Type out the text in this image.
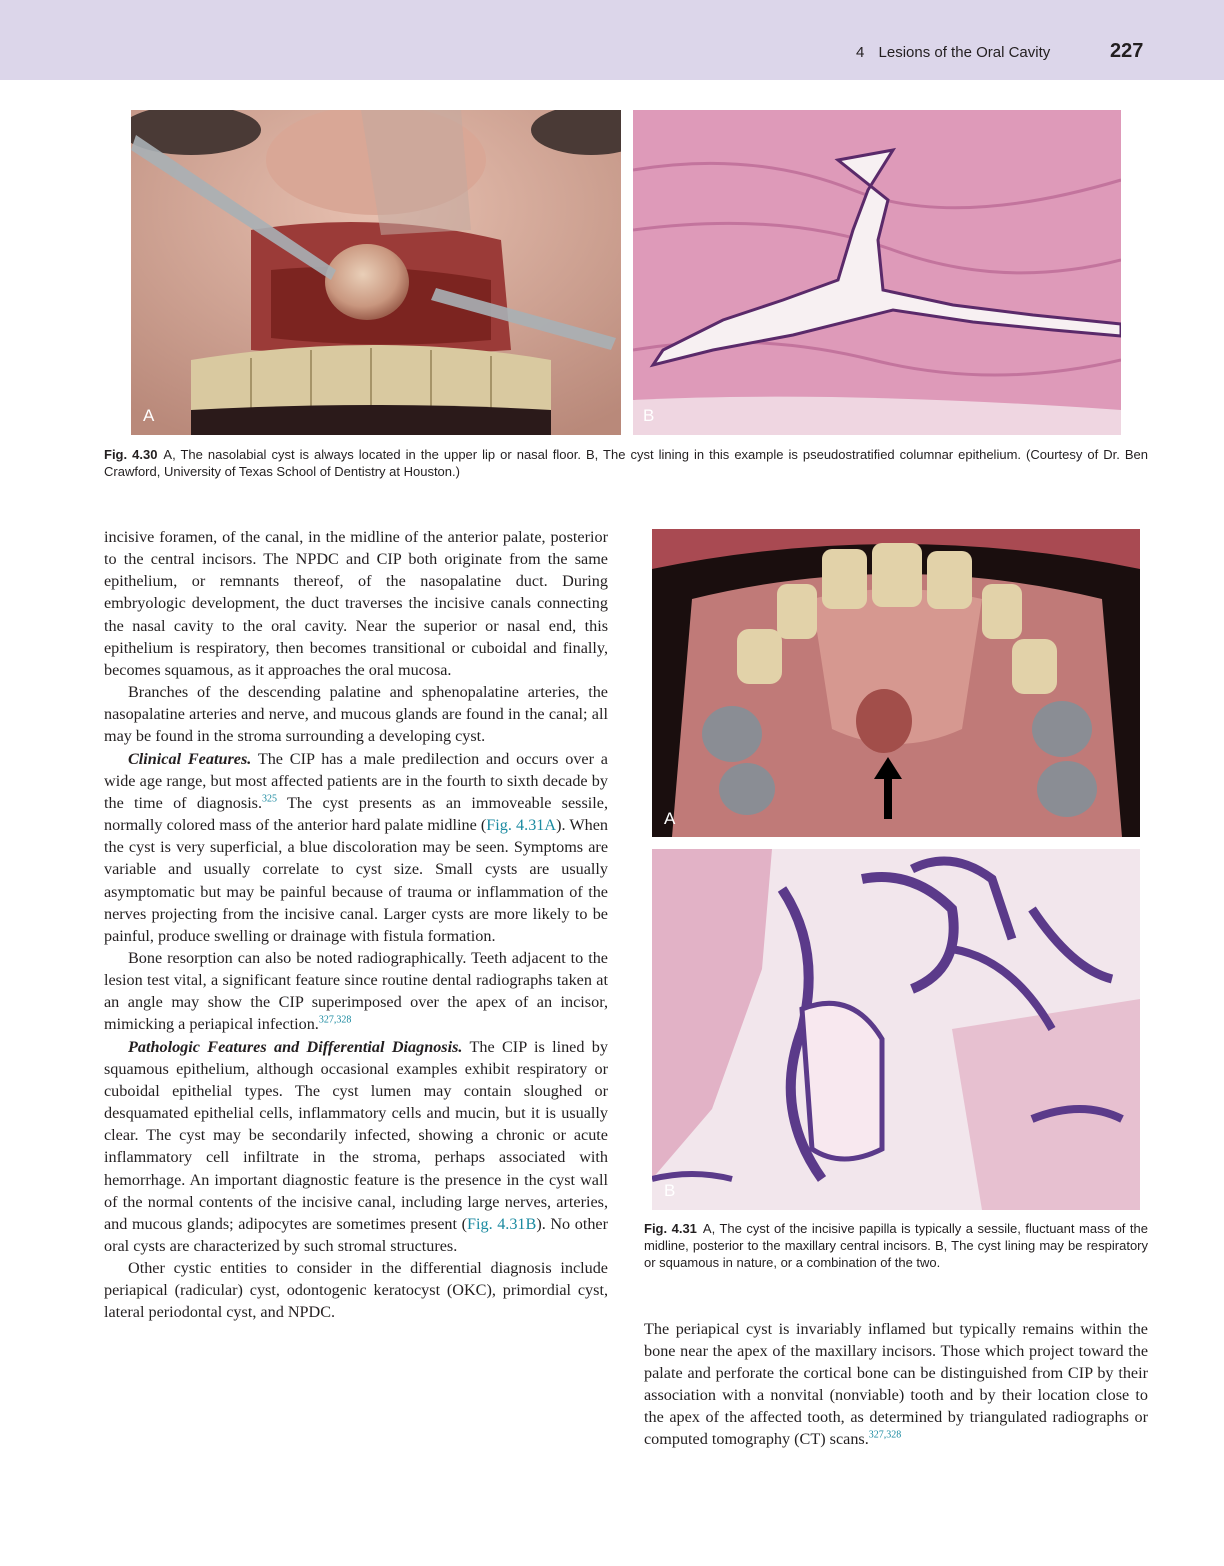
4 Lesions of the Oral Cavity	227
A	B
Fig. 4.30 A, The nasolabial cyst is always located in the upper lip or nasal floor. B, The cyst lining in this example is pseudostratified columnar epithelium. (Courtesy of Dr. Ben Crawford, University of Texas School of Dentistry at Houston.)

incisive foramen, of the canal, in the midline of the anterior palate, posterior to the central incisors. The NPDC and CIP both originate from the same epithelium, or remnants thereof, of the nasopalatine duct. During embryologic development, the duct traverses the incisive canals connecting the nasal cavity to the oral cavity. Near the superior or nasal end, this epithelium is respiratory, then becomes transitional or cuboidal and finally, becomes squamous, as it approaches the oral mucosa.

Branches of the descending palatine and sphenopalatine arteries, the nasopalatine arteries and nerve, and mucous glands are found in the canal; all may be found in the stroma surrounding a developing cyst.

Clinical Features. The CIP has a male predilection and occurs over a wide age range, but most affected patients are in the fourth to sixth decade by the time of diagnosis.$^{325}$ The cyst presents as an immoveable sessile, normally colored mass of the anterior hard palate midline (Fig. 4.31A). When the cyst is very superficial, a blue discoloration may be seen. Symptoms are variable and usually correlate to cyst size. Small cysts are usually asymptomatic but may be painful because of trauma or inflammation of the nerves projecting from the incisive canal. Larger cysts are more likely to be painful, produce swelling or drainage with fistula formation.

Bone resorption can also be noted radiographically. Teeth adjacent to the lesion test vital, a significant feature since routine dental radiographs taken at an angle may show the CIP superimposed over the apex of an incisor, mimicking a periapical infection.$^{327,328}$

Pathologic Features and Differential Diagnosis. The CIP is lined by squamous epithelium, although occasional examples exhibit respiratory or cuboidal epithelial types. The cyst lumen may contain sloughed or desquamated epithelial cells, inflammatory cells and mucin, but it is usually clear. The cyst may be secondarily infected, showing a chronic or acute inflammatory cell infiltrate in the stroma, perhaps associated with hemorrhage. An important diagnostic feature is the presence in the cyst wall of the normal contents of the incisive canal, including large nerves, arteries, and mucous glands; adipocytes are sometimes present (Fig. 4.31B). No other oral cysts are characterized by such stromal structures.

Other cystic entities to consider in the differential diagnosis include periapical (radicular) cyst, odontogenic keratocyst (OKC), primordial cyst, lateral periodontal cyst, and NPDC.

A
B
Fig. 4.31 A, The cyst of the incisive papilla is typically a sessile, fluctuant mass of the midline, posterior to the maxillary central incisors. B, The cyst lining may be respiratory or squamous in nature, or a combination of the two.

The periapical cyst is invariably inflamed but typically remains within the bone near the apex of the maxillary incisors. Those which project toward the palate and perforate the cortical bone can be distinguished from CIP by their association with a nonvital (nonviable) tooth and by their location close to the apex of the affected tooth, as determined by triangulated radiographs or computed tomography (CT) scans.$^{327,328}$
